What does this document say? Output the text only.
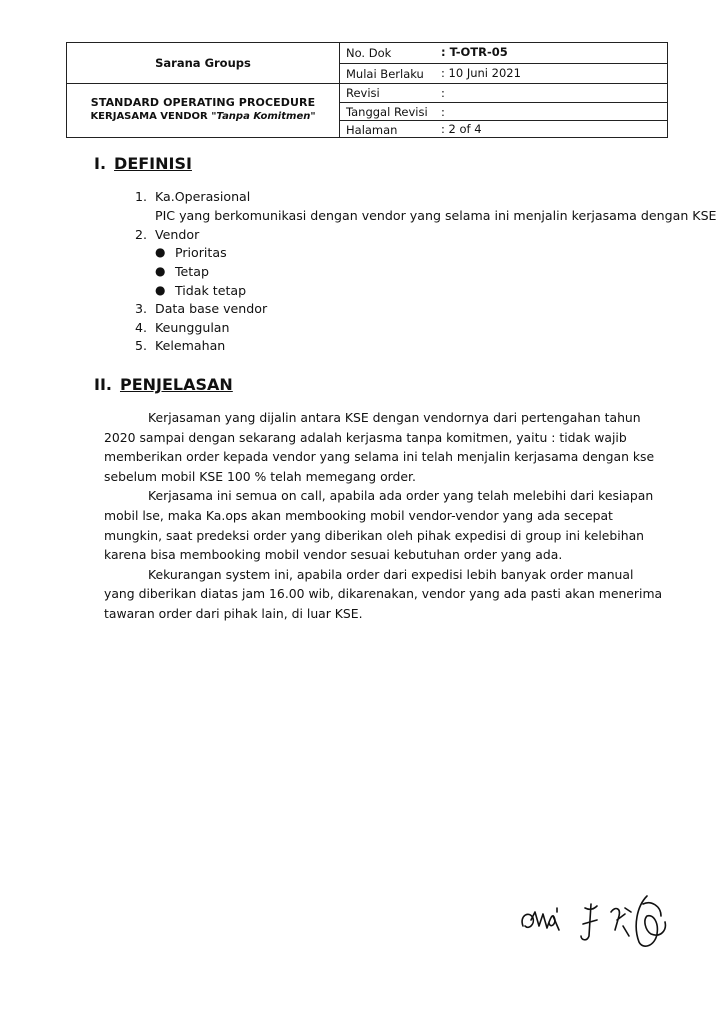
Sarana Groups
STANDARD OPERATING PROCEDURE
KERJASAMA VENDOR "Tanpa Komitmen"
No. Dok	: T-OTR-05
Mulai Berlaku : 10 Juni 2021
Revisi	:
Tanggal Revisi :
Halaman	: 2 of 4
I. DEFINISI
1. Ka.Operasional
PIC yang berkomunikasi dengan vendor yang selama ini menjalin kerjasama dengan KSE
2. Vendor
● Prioritas
● Tetap
● Tidak tetap
3. Data base vendor
4. Keunggulan
5. Kelemahan
II. PENJELASAN

Kerjasaman yang dijalin antara KSE dengan vendornya dari pertengahan tahun 2020 sampai dengan sekarang adalah kerjasma tanpa komitmen, yaitu : tidak wajib memberikan order kepada vendor yang selama ini telah menjalin kerjasama dengan kse sebelum mobil KSE 100 % telah memegang order.

Kerjasama ini semua on call, apabila ada order yang telah melebihi dari kesiapan mobil lse, maka Ka.ops akan membooking mobil vendor-vendor yang ada secepat mungkin, saat predeksi order yang diberikan oleh pihak expedisi di group ini kelebihan karena bisa membooking mobil vendor sesuai kebutuhan order yang ada.

Kekurangan system ini, apabila order dari expedisi lebih banyak order manual yang diberikan diatas jam 16.00 wib, dikarenakan, vendor yang ada pasti akan menerima tawaran order dari pihak lain, di luar KSE.
